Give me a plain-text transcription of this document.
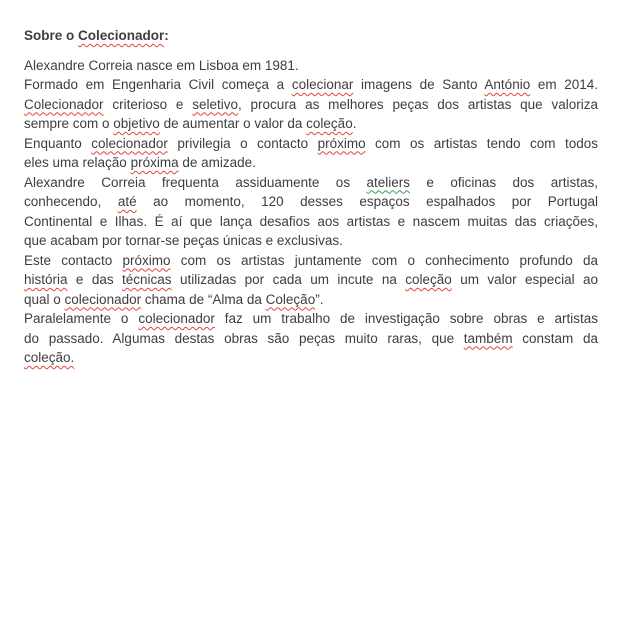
Sobre o Colecionador:
Alexandre Correia nasce em Lisboa em 1981.
Formado em Engenharia Civil começa a colecionar imagens de Santo António em 2014.
Colecionador criterioso e seletivo, procura as melhores peças dos artistas que valoriza
sempre com o objetivo de aumentar o valor da coleção.
Enquanto colecionador privilegia o contacto próximo com os artistas tendo com todos
eles uma relação próxima de amizade.
Alexandre Correia frequenta assiduamente os ateliers e oficinas dos artistas,
conhecendo, até ao momento, 120 desses espaços espalhados por Portugal
Continental e Ilhas. É aí que lança desafios aos artistas e nascem muitas das criações,
que acabam por tornar-se peças únicas e exclusivas.
Este contacto próximo com os artistas juntamente com o conhecimento profundo da
história e das técnicas utilizadas por cada um incute na coleção um valor especial ao
qual o colecionador chama de “Alma da Coleção”.
Paralelamente o colecionador faz um trabalho de investigação sobre obras e artistas
do passado. Algumas destas obras são peças muito raras, que também constam da
coleção.
